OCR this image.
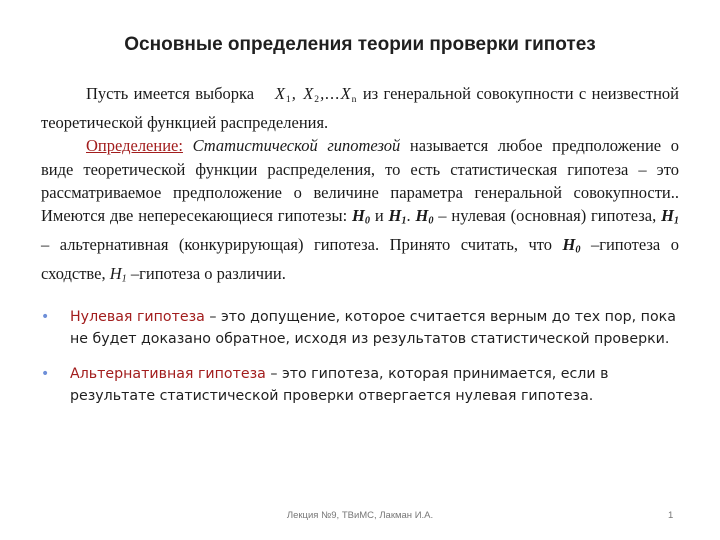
Основные определения теории проверки гипотез

Пусть имеется выборка X1, X2,...Xn из генеральной совокупности с неизвестной теоретической функцией распределения.

Определение: Статистической гипотезой называется любое предположение о виде теоретической функции распределения, то есть статистическая гипотеза – это рассматриваемое предположение о величине параметра генеральной совокупности.. Имеются две непересекающиеся гипотезы: $H_0$ и $H_1$. $H_0$ – нулевая (основная) гипотеза, $H_1$ – альтернативная (конкурирующая) гипотеза. Принято считать, что $H_0$ –гипотеза о сходстве, $H_1$ –гипотеза о различии.

• Нулевая гипотеза – это допущение, которое считается верным до тех пор, пока не будет доказано обратное, исходя из результатов статистической проверки.
• Альтернативная гипотеза – это гипотеза, которая принимается, если в результате статистической проверки отвергается нулевая гипотеза.
Лекция №9, ТВиМС, Лакман И.А.	1
